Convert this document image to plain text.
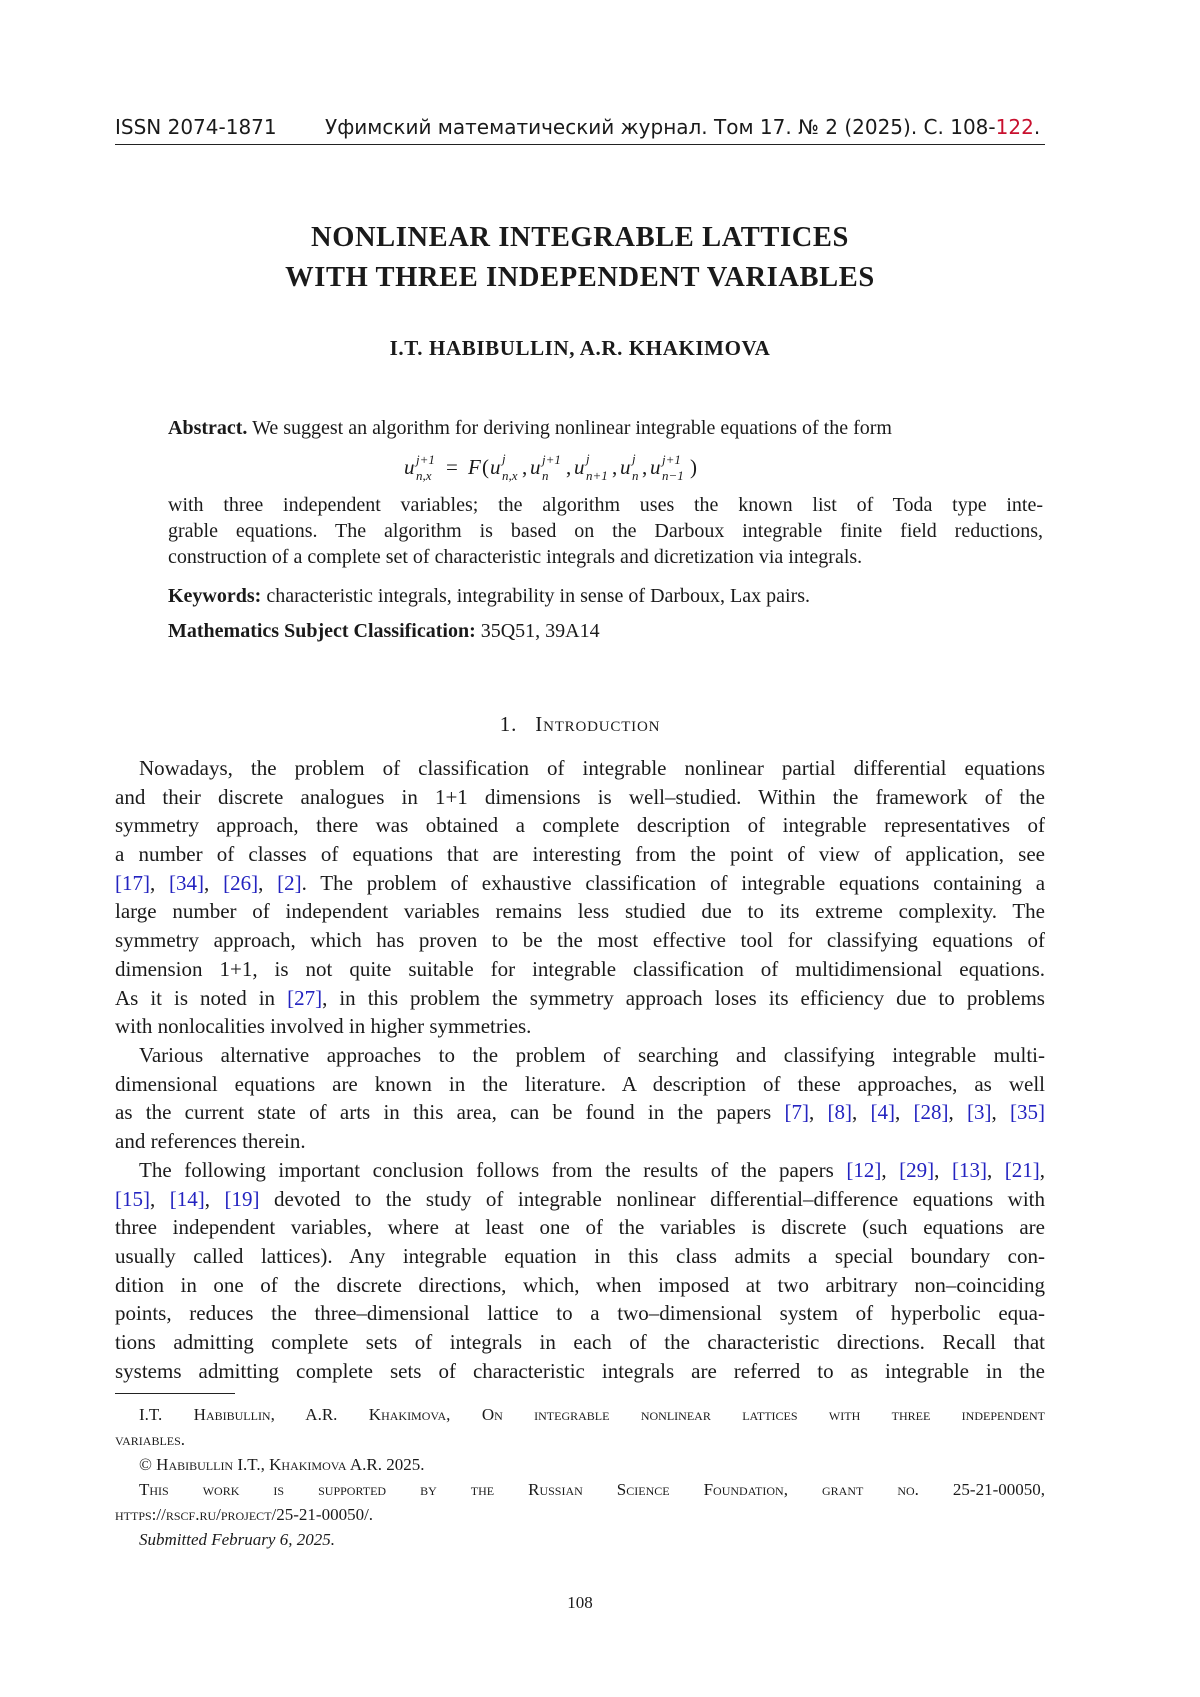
ISSN 2074-1871 Уфимский математический журнал. Том 17. № 2 (2025). С. 108-122.
NONLINEAR INTEGRABLE LATTICES
WITH THREE INDEPENDENT VARIABLES
I.T. HABIBULLIN, A.R. KHAKIMOVA
Abstract. We suggest an algorithm for deriving nonlinear integrable equations of the form
u j+1
n,x = F ( u j
n,x , u j+1
n , u j
n+1 , u j
n , u j+1
n−1 )
with three independent variables; the algorithm uses the known list of Toda type inte-
grable equations. The algorithm is based on the Darboux integrable finite field reductions,
construction of a complete set of characteristic integrals and dicretization via integrals.
Keywords: characteristic integrals, integrability in sense of Darboux, Lax pairs.
Mathematics Subject Classification: 35Q51, 39A14
1. Introduction
Nowadays, the problem of classification of integrable nonlinear partial differential equations
and their discrete analogues in 1+1 dimensions is well–studied. Within the framework of the
symmetry approach, there was obtained a complete description of integrable representatives of
a number of classes of equations that are interesting from the point of view of application, see
[17], [34], [26], [2]. The problem of exhaustive classification of integrable equations containing a
large number of independent variables remains less studied due to its extreme complexity. The
symmetry approach, which has proven to be the most effective tool for classifying equations of
dimension 1+1, is not quite suitable for integrable classification of multidimensional equations.
As it is noted in [27], in this problem the symmetry approach loses its efficiency due to problems
with nonlocalities involved in higher symmetries.
Various alternative approaches to the problem of searching and classifying integrable multi-
dimensional equations are known in the literature. A description of these approaches, as well
as the current state of arts in this area, can be found in the papers [7], [8], [4], [28], [3], [35]
and references therein.
The following important conclusion follows from the results of the papers [12], [29], [13], [21],
[15], [14], [19] devoted to the study of integrable nonlinear differential–difference equations with
three independent variables, where at least one of the variables is discrete (such equations are
usually called lattices). Any integrable equation in this class admits a special boundary con-
dition in one of the discrete directions, which, when imposed at two arbitrary non–coinciding
points, reduces the three–dimensional lattice to a two–dimensional system of hyperbolic equa-
tions admitting complete sets of integrals in each of the characteristic directions. Recall that
systems admitting complete sets of characteristic integrals are referred to as integrable in the
I.T. Habibullin, A.R. Khakimova, On integrable nonlinear lattices with three independent
variables.
© Habibullin I.T., Khakimova A.R. 2025.
This work is supported by the Russian Science Foundation, grant no. 25-21-00050,
https://rscf.ru/project/25-21-00050/.
Submitted February 6, 2025.
108
